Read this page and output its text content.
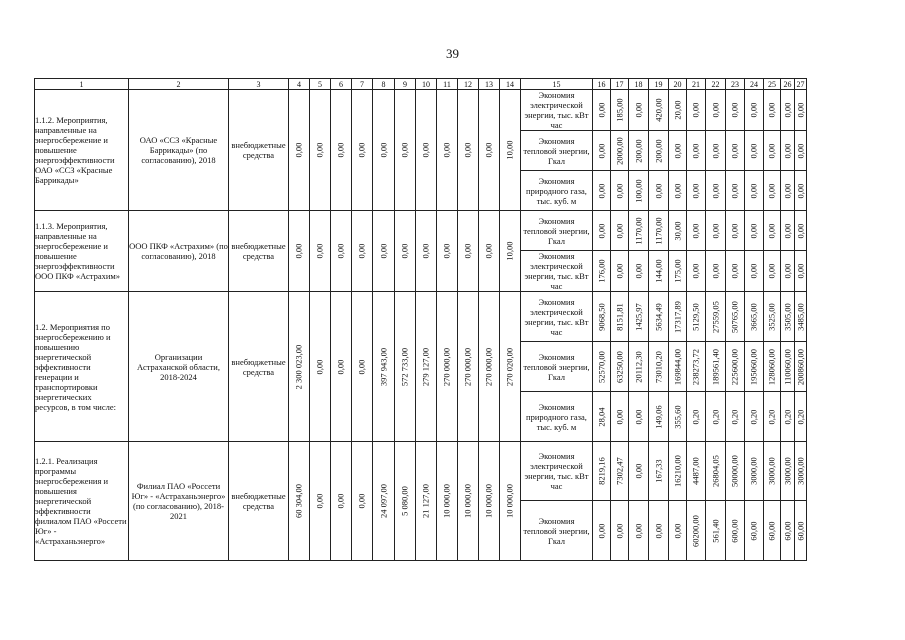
39
1	2	3	4	5	6	7	8	9	10	11	12	13	14	15	16	17	18	19	20	21	22	23	24	25	26	27
1.1.2. Мероприятия, направленные на энергосбережение и повышение энергоэффективности ОАО «ССЗ «Красные Баррикады»	ОАО «ССЗ «Красные Баррикады» (по согласованию), 2018	внебюджетные средства	0,00	0,00	0,00	0,00	0,00	0,00	0,00	0,00	0,00	0,00	10,00	Экономия электрической энергии, тыс. кВт час	0,00	185,00	0,00	420,00	20,00	0,00	0,00	0,00	0,00	0,00	0,00	0,00

														Экономия тепловой энергии, Гкал	0,00	2000,00	200,00	200,00	0,00	0,00	0,00	0,00	0,00	0,00	0,00	0,00

														Экономия природного газа, тыс. куб. м	0,00	0,00	100,00	0,00	0,00	0,00	0,00	0,00	0,00	0,00	0,00	0,00

1.1.3. Мероприятия, направленные на энергосбережение и повышение энергоэффективности ООО ПКФ «Астрахим»	ООО ПКФ «Астрахим» (по согласованию), 2018	внебюджетные средства	0,00	0,00	0,00	0,00	0,00	0,00	0,00	0,00	0,00	0,00	10,00	Экономия тепловой энергии, Гкал	0,00	0,00	1170,00	1170,00	30,00	0,00	0,00	0,00	0,00	0,00	0,00	0,00

														Экономия электрической энергии, тыс. кВт час	176,00	0,00	0,00	144,00	175,00	0,00	0,00	0,00	0,00	0,00	0,00	0,00

1.2. Мероприятия по энергосбережению и повышению энергетической эффективности генерации и транспортировки энергетических ресурсов, в том числе:	Организации Астраханской области, 2018-2024	внебюджетные средства	2 300 023,00	0,00	0,00	0,00	397 943,00	572 733,00	279 127,00	270 000,00	270 000,00	270 000,00	270 020,00	Экономия электрической энергии, тыс. кВт час	9068,50	8151,81	1425,97	5634,49	17317,89	5129,50	27559,05	50765,00	3665,00	3525,00	3505,00	3485,00

														Экономия тепловой энергии, Гкал	52570,00	63250,00	20112,30	73010,20	169844,00	238273,72	189561,40	225600,00	195060,00	128060,00	110060,00	200860,00

														Экономия природного газа, тыс. куб. м	28,04	0,00	0,00	149,06	355,60	0,20	0,20	0,20	0,20	0,20	0,20	0,20

1.2.1. Реализация программы энергосбережения и повышения энергетической эффективности филиалом ПАО «Россети Юг» - «Астраханьэнерго»	Филиал ПАО «Россети Юг» - «Астраханьэнерго» (по согласованию), 2018-2021	внебюджетные средства	60 304,00	0,00	0,00	0,00	24 097,00	5 080,00	21 127,00	10 000,00	10 000,00	10 000,00	10 000,00	Экономия электрической энергии, тыс. кВт час	8219,16	7302,47	0,00	167,33	16210,00	4487,00	26804,05	50000,00	3000,00	3000,00	3000,00	3000,00

														Экономия тепловой энергии, Гкал	0,00	0,00	0,00	0,00	0,00	60200,00	561,40	600,00	60,00	60,00	60,00	60,00
